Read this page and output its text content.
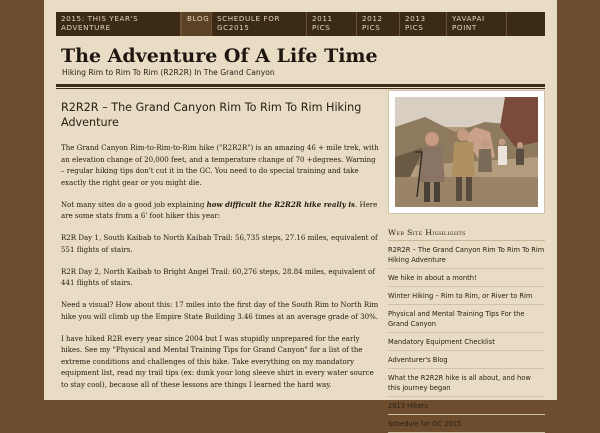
2015: THIS YEAR'S ADVENTURE
BLOG	SCHEDULE FOR GC2015
2011 PICS
2012 PICS
2013 PICS
YAVAPAI POINT
The Adventure Of A Life Time
Hiking Rim to Rim To Rim (R2R2R) In The Grand Canyon
R2R2R – The Grand Canyon Rim To Rim To Rim Hiking Adventure

The Grand Canyon Rim-to-Rim-to-Rim hike ("R2R2R") is an amazing 46 + mile trek, with an elevation change of 20,000 feet, and a temperature change of 70 +degrees. Warning – regular hiking tips don't cut it in the GC. You need to do special training and take exactly the right gear or you might die.

Not many sites do a good job explaining how difficult the R2R2R hike really is. Here are some stats from a 6' foot hiker this year:

R2R Day 1, South Kaibab to North Kaibab Trail: 56,735 steps, 27.16 miles, equivalent of 551 flights of stairs.

R2R Day 2, North Kaibab to Bright Angel Trail: 60,276 steps, 28.84 miles, equivalent of 441 flights of stairs.

Need a visual? How about this: 17 miles into the first day of the South Rim to North Rim hike you will climb up the Empire State Building 3.46 times at an average grade of 30%.

I have hiked R2R every year since 2004 but I was stupidly unprepared for the early hikes. See my "Physical and Mental Training Tips for Grand Canyon" for a list of the extreme conditions and challenges of this hike. Take everything on my mandatory equipment list, read my trail tips (ex: dunk your long sleeve shirt in every water source to stay cool), because all of these lessons are things I learned the hard way.

Web Site Highlights
R2R2R – The Grand Canyon Rim To Rim To Rim Hiking Adventure
We hike in about a month!
Winter Hiking – Rim to Rim, or River to Rim
Physical and Mental Training Tips For the Grand Canyon
Mandatory Equipment Checklist
Adventurer's Blog
What the R2R2R hike is all about, and how this journey began
2013 Hikers
Schedule for GC 2015
